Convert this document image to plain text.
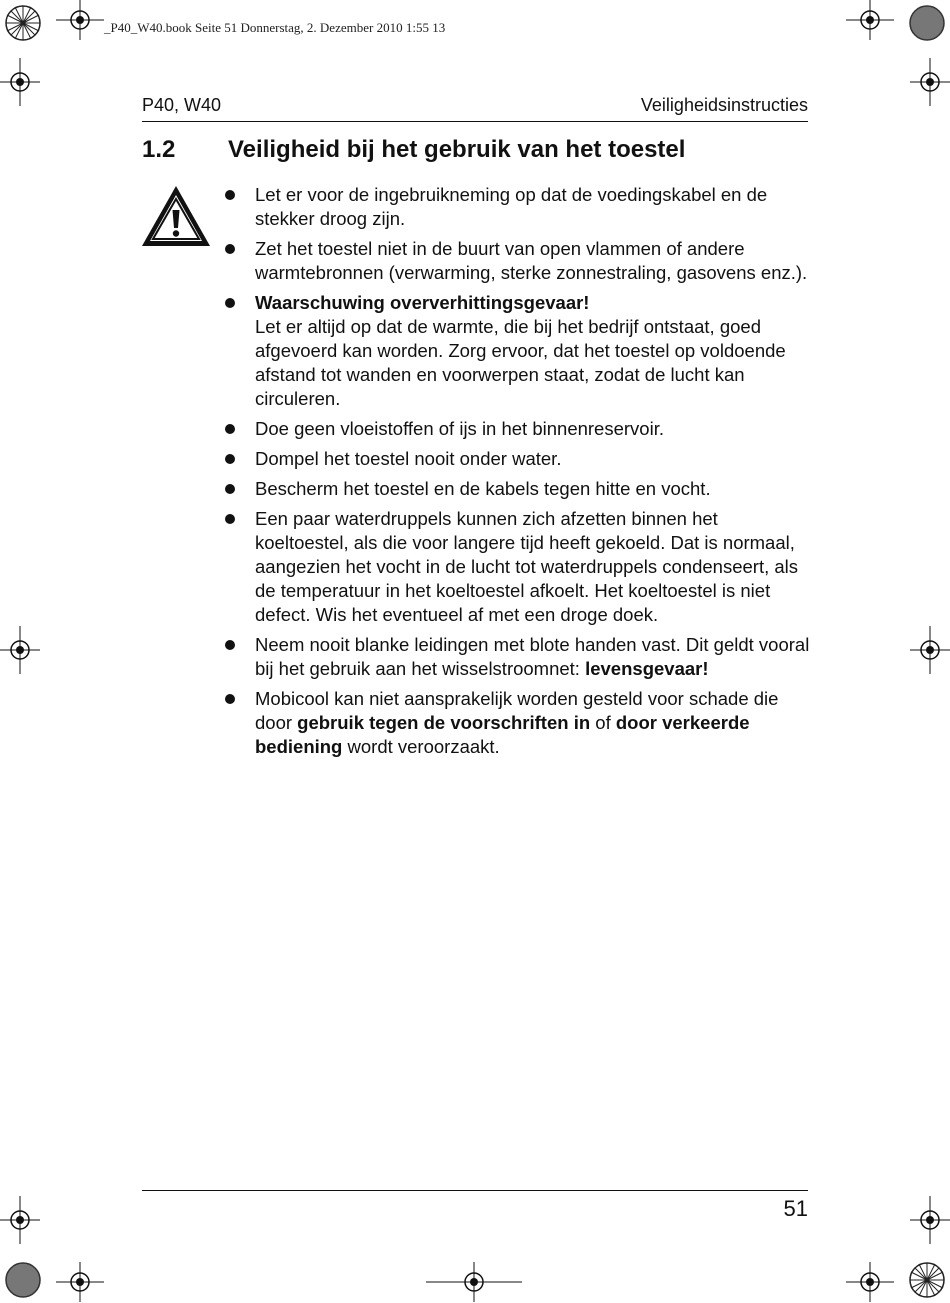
_P40_W40.book Seite 51 Donnerstag, 2. Dezember 2010 1:55 13
P40, W40	Veiligheidsinstructies
1.2 Veiligheid bij het gebruik van het toestel
Let er voor de ingebruikneming op dat de voedingskabel en de stekker droog zijn.
Zet het toestel niet in de buurt van open vlammen of andere warmtebronnen (verwarming, sterke zonnestraling, gasovens enz.).
Waarschuwing oververhittingsgevaar!
Let er altijd op dat de warmte, die bij het bedrijf ontstaat, goed afgevoerd kan worden. Zorg ervoor, dat het toestel op voldoende afstand tot wanden en voorwerpen staat, zodat de lucht kan circuleren.
Doe geen vloeistoffen of ijs in het binnenreservoir.
Dompel het toestel nooit onder water.
Bescherm het toestel en de kabels tegen hitte en vocht.
Een paar waterdruppels kunnen zich afzetten binnen het koeltoestel, als die voor langere tijd heeft gekoeld. Dat is normaal, aangezien het vocht in de lucht tot waterdruppels condenseert, als de temperatuur in het koeltoestel afkoelt. Het koeltoestel is niet defect. Wis het eventueel af met een droge doek.
Neem nooit blanke leidingen met blote handen vast. Dit geldt vooral bij het gebruik aan het wisselstroomnet: levensgevaar!
Mobicool kan niet aansprakelijk worden gesteld voor schade die door gebruik tegen de voorschriften in of door verkeerde bediening wordt veroorzaakt.
51
